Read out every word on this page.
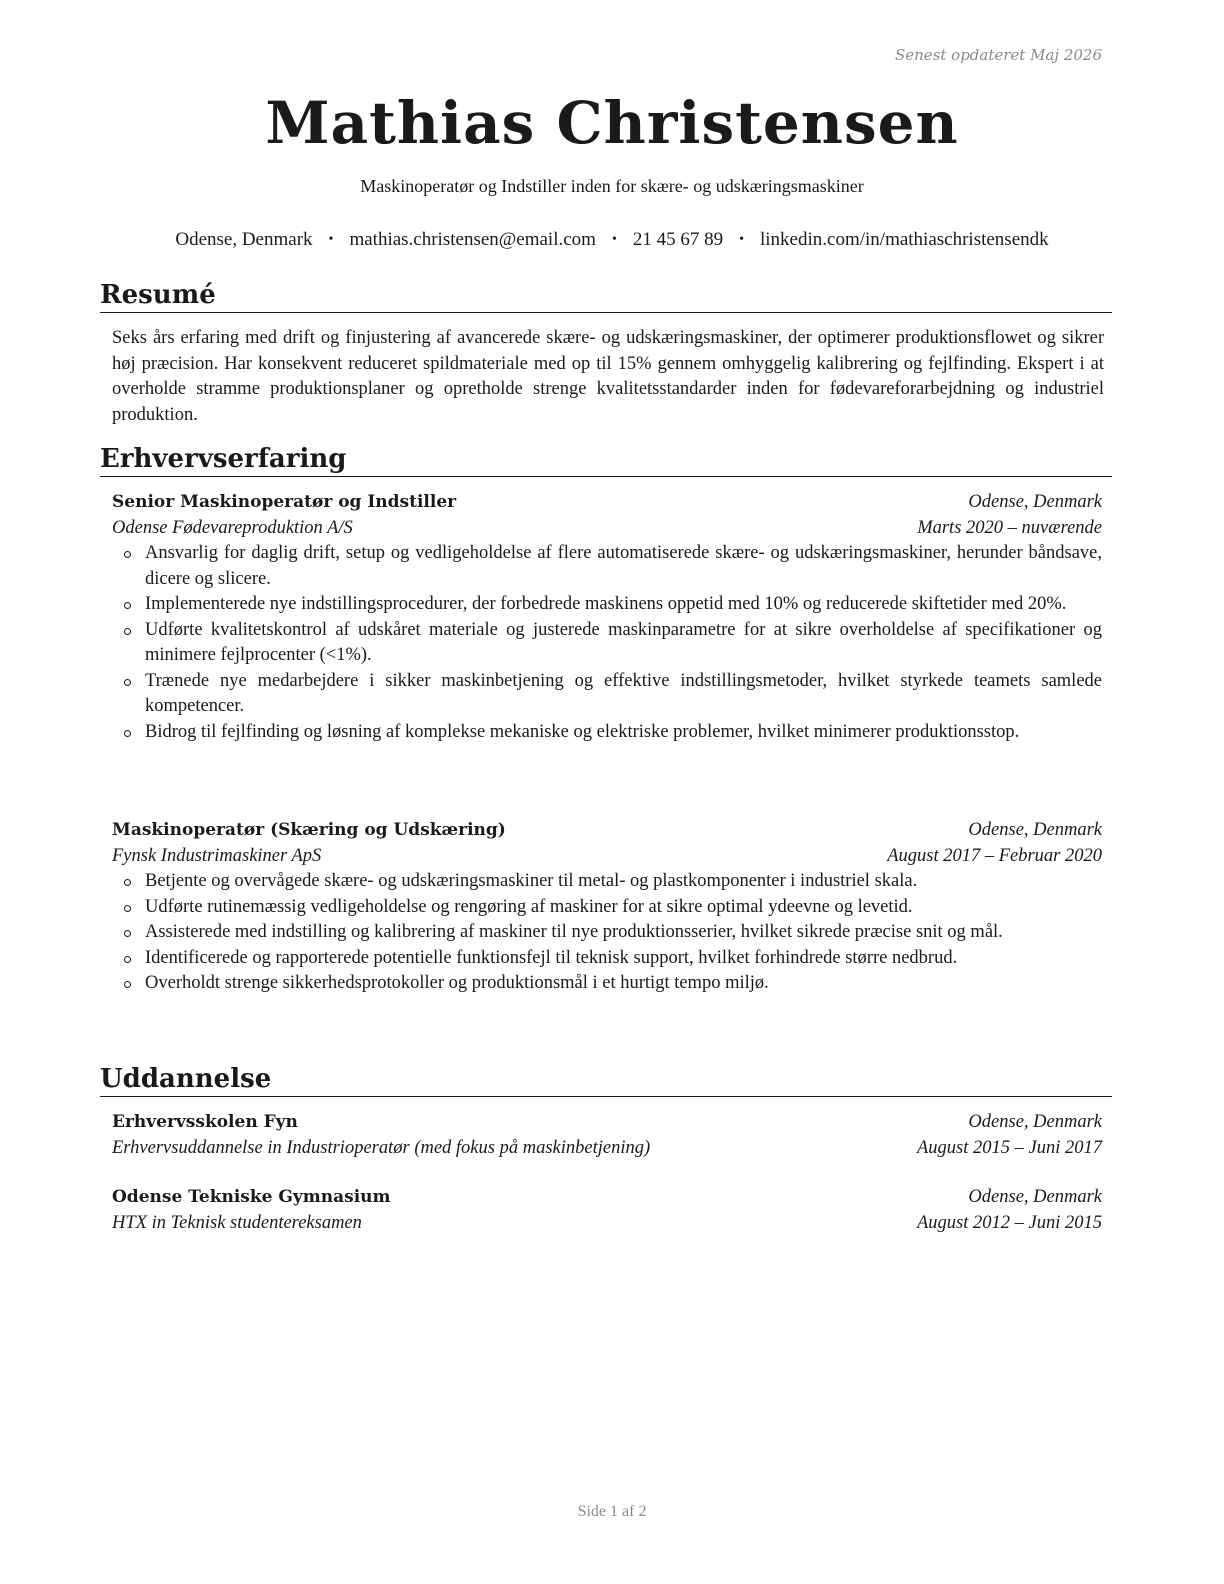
Senest opdateret Maj 2026
Mathias Christensen
Maskinoperatør og Indstiller inden for skære- og udskæringsmaskiner
Odense, Denmark • mathias.christensen@email.com • 21 45 67 89 • linkedin.com/in/mathiaschristensendk
Resumé
Seks års erfaring med drift og finjustering af avancerede skære- og udskæringsmaskiner, der optimerer produktionsflowet og sikrer høj præcision. Har konsekvent reduceret spildmateriale med op til 15% gennem omhyggelig kalibrering og fejlfinding. Ekspert i at overholde stramme produktionsplaner og opretholde strenge kvalitetsstandarder inden for fødevareforarbejdning og industriel produktion.
Erhvervserfaring
Senior Maskinoperatør og Indstiller	Odense, Denmark
Odense Fødevareproduktion A/S	Marts 2020 – nuværende
Ansvarlig for daglig drift, setup og vedligeholdelse af flere automatiserede skære- og udskæringsmaskiner, herunder båndsave, dicere og slicere.
Implementerede nye indstillingsprocedurer, der forbedrede maskinens oppetid med 10% og reducerede skiftetider med 20%.
Udførte kvalitetskontrol af udskåret materiale og justerede maskinparametre for at sikre overholdelse af specifikationer og minimere fejlprocenter (<1%).
Trænede nye medarbejdere i sikker maskinbetjening og effektive indstillingsmetoder, hvilket styrkede teamets samlede kompetencer.
Bidrog til fejlfinding og løsning af komplekse mekaniske og elektriske problemer, hvilket minimerer produktionsstop.
Maskinoperatør (Skæring og Udskæring)	Odense, Denmark
Fynsk Industrimaskiner ApS	August 2017 – Februar 2020
Betjente og overvågede skære- og udskæringsmaskiner til metal- og plastkomponenter i industriel skala.
Udførte rutinemæssig vedligeholdelse og rengøring af maskiner for at sikre optimal ydeevne og levetid.
Assisterede med indstilling og kalibrering af maskiner til nye produktionsserier, hvilket sikrede præcise snit og mål.
Identificerede og rapporterede potentielle funktionsfejl til teknisk support, hvilket forhindrede større nedbrud.
Overholdt strenge sikkerhedsprotokoller og produktionsmål i et hurtigt tempo miljø.
Uddannelse
Erhvervsskolen Fyn	Odense, Denmark
Erhvervsuddannelse in Industrioperatør (med fokus på maskinbetjening)	August 2015 – Juni 2017
Odense Tekniske Gymnasium	Odense, Denmark
HTX in Teknisk studentereksamen	August 2012 – Juni 2015
Side 1 af 2
